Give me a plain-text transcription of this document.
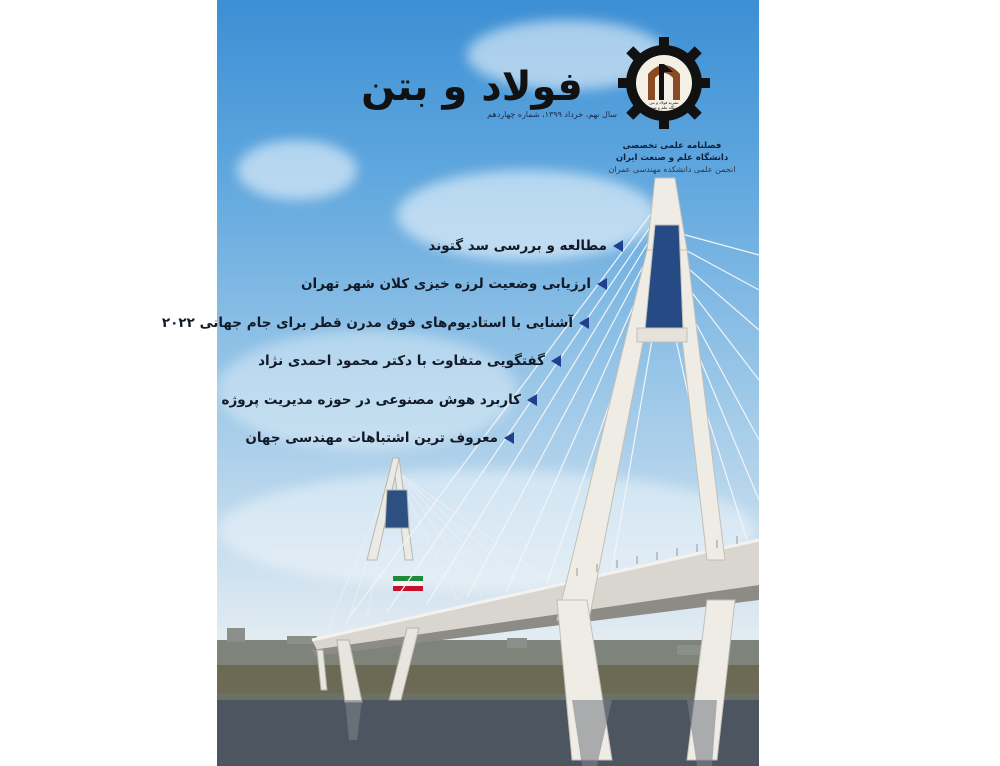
نشریه فولاد و بتن
دانشگاه علم و صنعت
فولاد و بتن
سال نهم، خرداد ۱۳۹۹، شماره چهاردهم
فصلنامه علمی تخصصی
دانشگاه علم و صنعت ایران
انجمن علمی دانشکده مهندسی عمران
مطالعه و بررسی سد گتوند
ارزیابی وضعیت لرزه خیزی کلان شهر تهران
آشنایی با استادیوم‌های فوق مدرن قطر برای جام جهانی ۲۰۲۲
گفتگویی متفاوت با دکتر محمود احمدی نژاد
کاربرد هوش مصنوعی در حوزه مدیریت پروژه
معروف ترین اشتباهات مهندسی جهان
